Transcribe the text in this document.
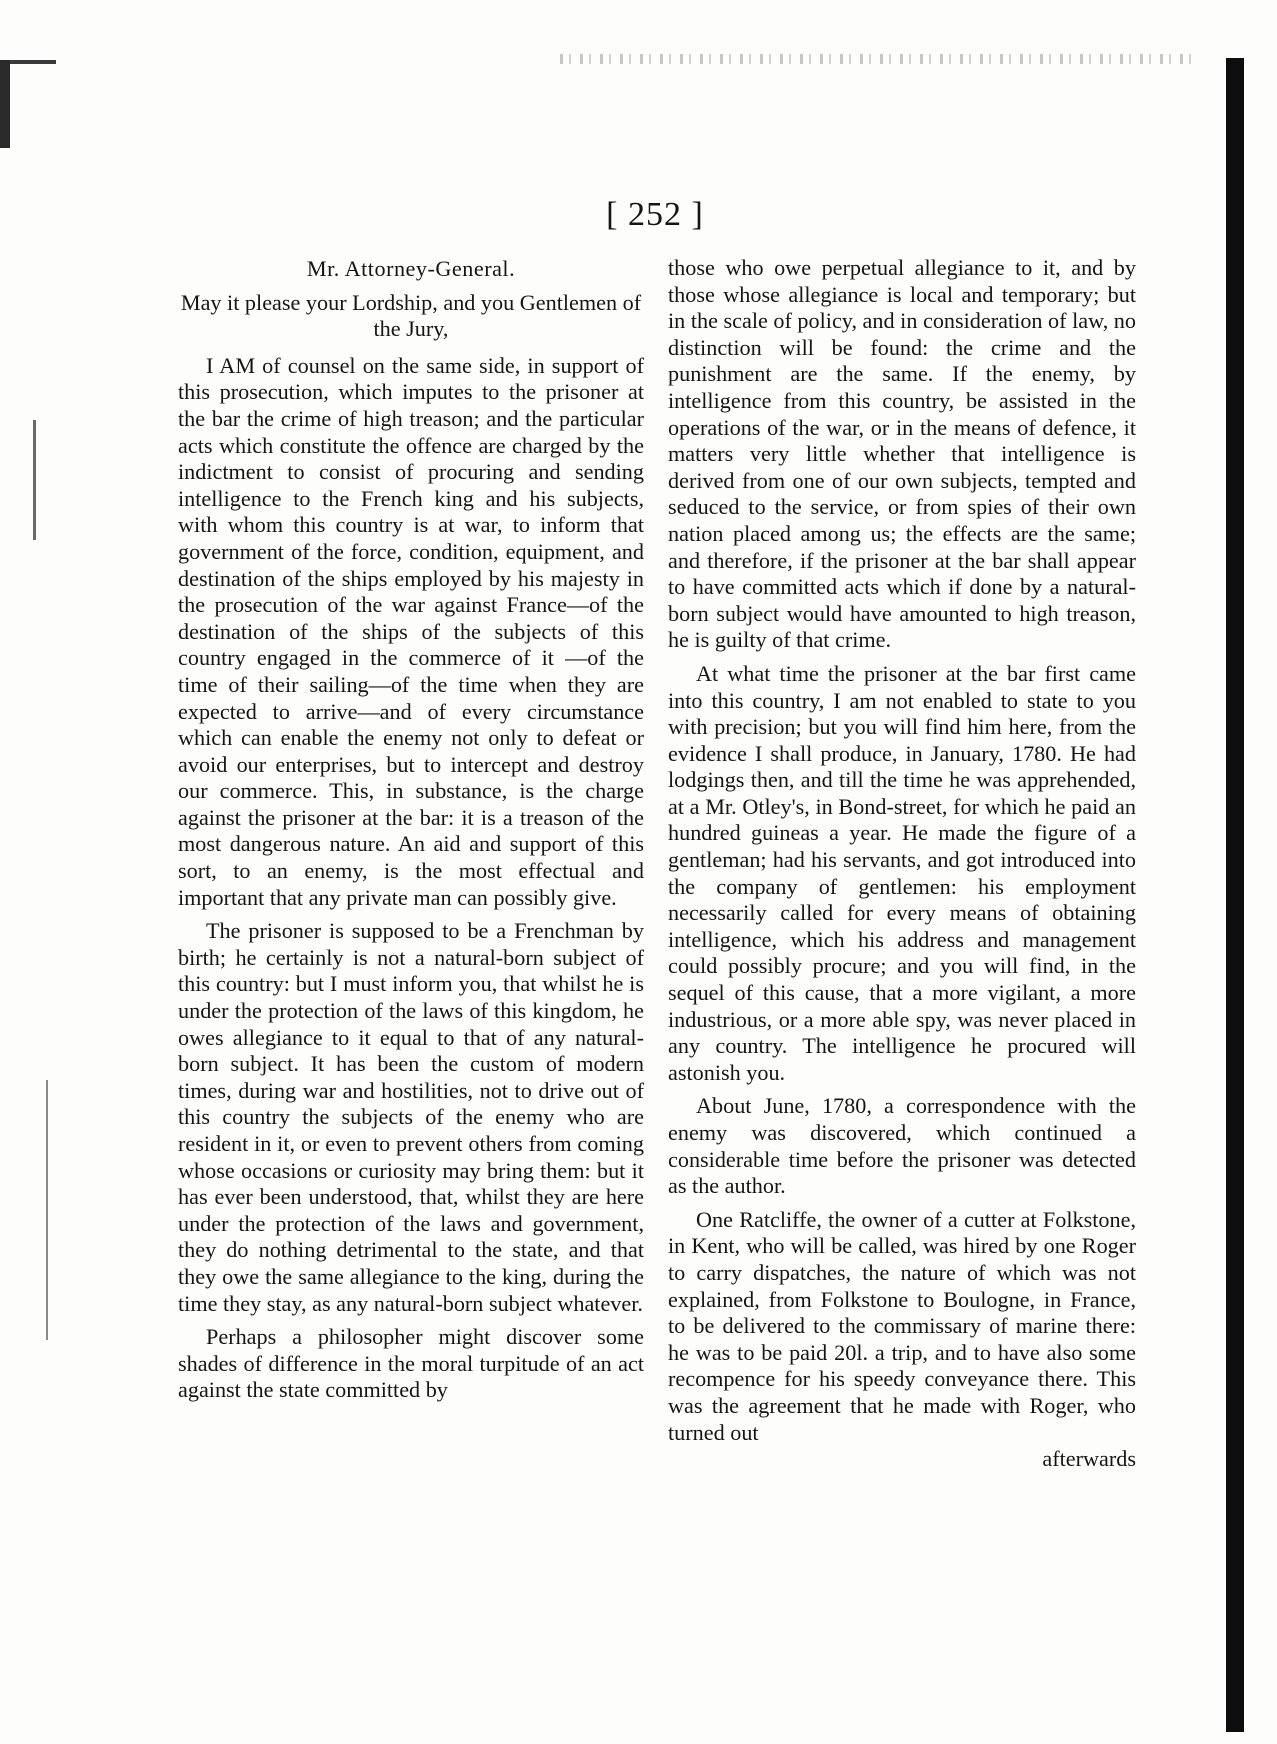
[ 252 ]

Mr. Attorney-General.

May it please your Lordship, and you Gentlemen of the Jury,

I AM of counsel on the same side, in support of this prosecution, which imputes to the prisoner at the bar the crime of high treason; and the particular acts which constitute the offence are charged by the indictment to consist of procuring and sending intelligence to the French king and his subjects, with whom this country is at war, to inform that government of the force, condition, equipment, and destination of the ships employed by his majesty in the prosecution of the war against France—of the destination of the ships of the subjects of this country engaged in the commerce of it —of the time of their sailing—of the time when they are expected to arrive—and of every circumstance which can enable the enemy not only to defeat or avoid our enterprises, but to intercept and destroy our commerce. This, in substance, is the charge against the prisoner at the bar: it is a treason of the most dangerous nature. An aid and support of this sort, to an enemy, is the most effectual and important that any private man can possibly give.

The prisoner is supposed to be a Frenchman by birth; he certainly is not a natural-born subject of this country: but I must inform you, that whilst he is under the protection of the laws of this kingdom, he owes allegiance to it equal to that of any natural-born subject. It has been the custom of modern times, during war and hostilities, not to drive out of this country the subjects of the enemy who are resident in it, or even to prevent others from coming whose occasions or curiosity may bring them: but it has ever been understood, that, whilst they are here under the protection of the laws and government, they do nothing detrimental to the state, and that they owe the same allegiance to the king, during the time they stay, as any natural-born subject whatever.

Perhaps a philosopher might discover some shades of difference in the moral turpitude of an act against the state committed by

those who owe perpetual allegiance to it, and by those whose allegiance is local and temporary; but in the scale of policy, and in consideration of law, no distinction will be found: the crime and the punishment are the same. If the enemy, by intelligence from this country, be assisted in the operations of the war, or in the means of defence, it matters very little whether that intelligence is derived from one of our own subjects, tempted and seduced to the service, or from spies of their own nation placed among us; the effects are the same; and therefore, if the prisoner at the bar shall appear to have committed acts which if done by a natural-born subject would have amounted to high treason, he is guilty of that crime.

At what time the prisoner at the bar first came into this country, I am not enabled to state to you with precision; but you will find him here, from the evidence I shall produce, in January, 1780. He had lodgings then, and till the time he was apprehended, at a Mr. Otley's, in Bond-street, for which he paid an hundred guineas a year. He made the figure of a gentleman; had his servants, and got introduced into the company of gentlemen: his employment necessarily called for every means of obtaining intelligence, which his address and management could possibly procure; and you will find, in the sequel of this cause, that a more vigilant, a more industrious, or a more able spy, was never placed in any country. The intelligence he procured will astonish you.

About June, 1780, a correspondence with the enemy was discovered, which continued a considerable time before the prisoner was detected as the author.

One Ratcliffe, the owner of a cutter at Folkstone, in Kent, who will be called, was hired by one Roger to carry dispatches, the nature of which was not explained, from Folkstone to Boulogne, in France, to be delivered to the commissary of marine there: he was to be paid 20l. a trip, and to have also some recompence for his speedy conveyance there. This was the agreement that he made with Roger, who turned out

afterwards
